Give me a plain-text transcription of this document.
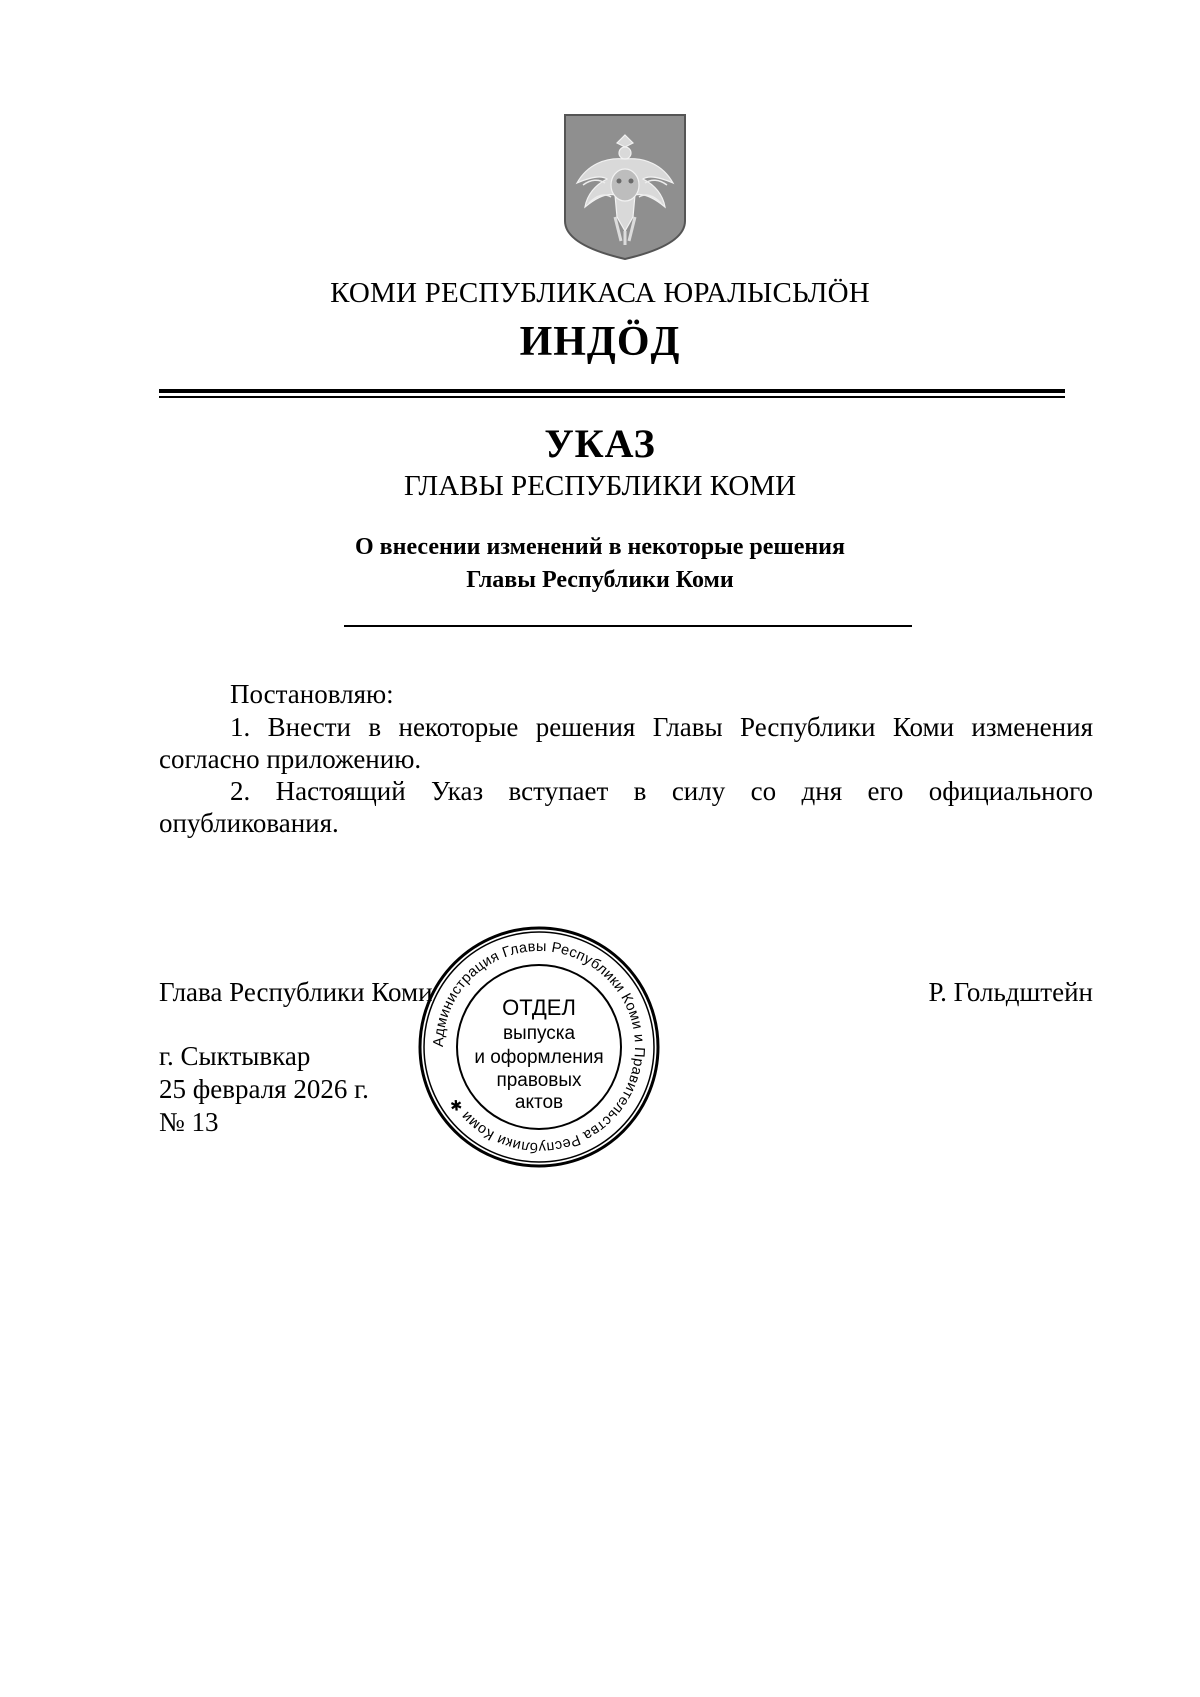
КОМИ РЕСПУБЛИКАСА ЮРАЛЫСЬЛӦН
ИНДӦД
УКАЗ
ГЛАВЫ РЕСПУБЛИКИ КОМИ
О внесении изменений в некоторые решения
Главы Республики Коми
Постановляю:
1. Внести в некоторые решения Главы Республики Коми изменения согласно приложению.
2. Настоящий Указ вступает в силу со дня его официального опубликования.
Глава Республики Коми	Р. Гольдштейн
г. Сыктывкар
25 февраля 2026 г.
№ 13
Администрация Главы Республики Коми и Правительства Республики Коми ✱
ОТДЕЛ
выпуска
и оформления
правовых
актов
